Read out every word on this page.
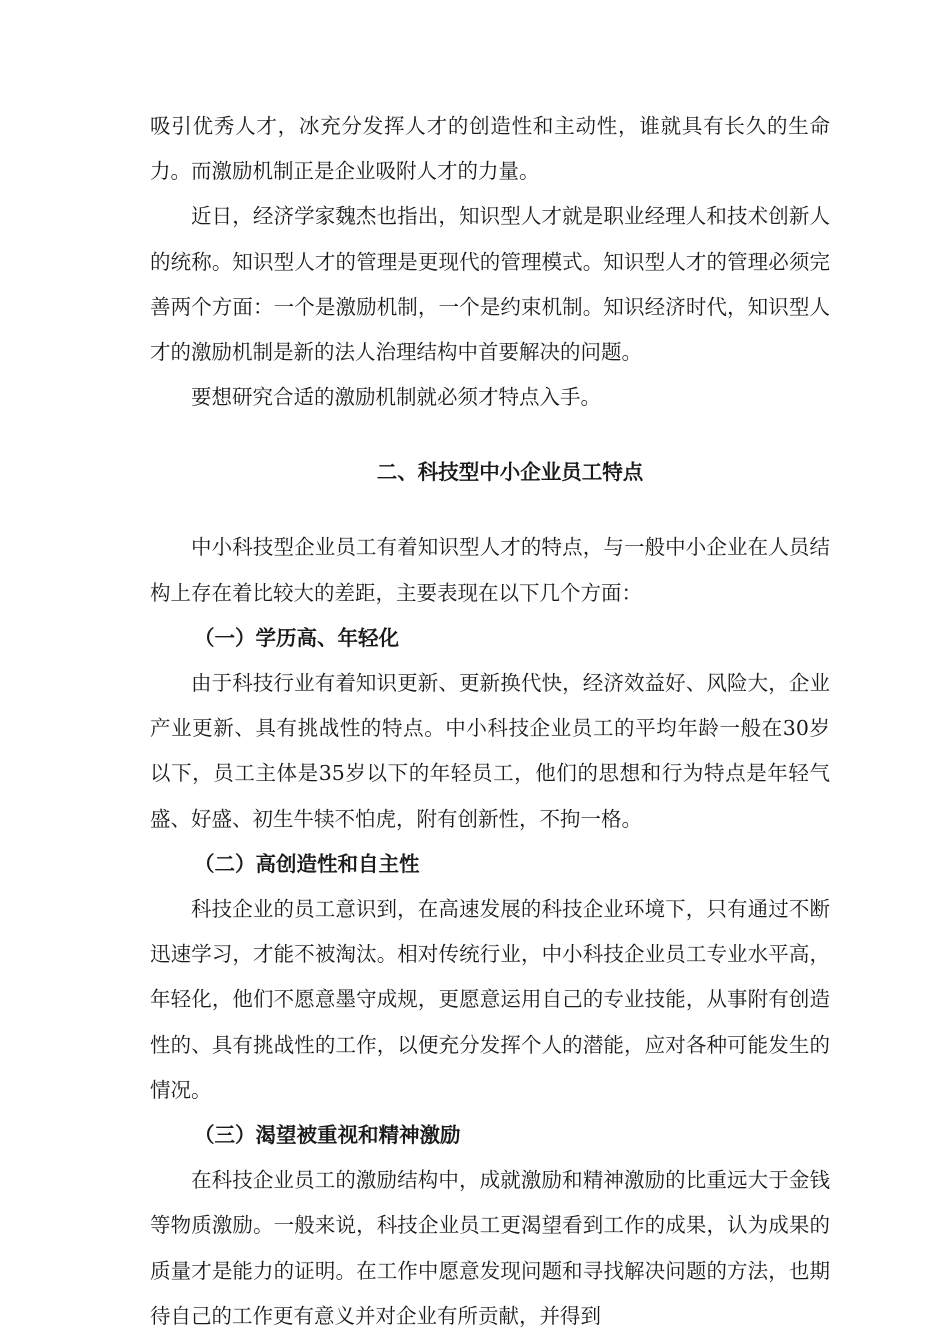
吸引优秀人才，冰充分发挥人才的创造性和主动性，谁就具有长久的生命力。而激励机制正是企业吸附人才的力量。

近日，经济学家魏杰也指出，知识型人才就是职业经理人和技术创新人的统称。知识型人才的管理是更现代的管理模式。知识型人才的管理必须完善两个方面：一个是激励机制，一个是约束机制。知识经济时代，知识型人才的激励机制是新的法人治理结构中首要解决的问题。

要想研究合适的激励机制就必须才特点入手。

二、科技型中小企业员工特点

中小科技型企业员工有着知识型人才的特点，与一般中小企业在人员结构上存在着比较大的差距，主要表现在以下几个方面：

（一）学历高、年轻化

由于科技行业有着知识更新、更新换代快，经济效益好、风险大，企业产业更新、具有挑战性的特点。中小科技企业员工的平均年龄一般在30岁以下，员工主体是35岁以下的年轻员工，他们的思想和行为特点是年轻气盛、好盛、初生牛犊不怕虎，附有创新性，不拘一格。

（二）高创造性和自主性

科技企业的员工意识到，在高速发展的科技企业环境下，只有通过不断迅速学习，才能不被淘汰。相对传统行业，中小科技企业员工专业水平高，年轻化，他们不愿意墨守成规，更愿意运用自己的专业技能，从事附有创造性的、具有挑战性的工作，以便充分发挥个人的潜能，应对各种可能发生的情况。

（三）渴望被重视和精神激励

在科技企业员工的激励结构中，成就激励和精神激励的比重远大于金钱等物质激励。一般来说，科技企业员工更渴望看到工作的成果，认为成果的质量才是能力的证明。在工作中愿意发现问题和寻找解决问题的方法，也期待自己的工作更有意义并对企业有所贡献，并得到
